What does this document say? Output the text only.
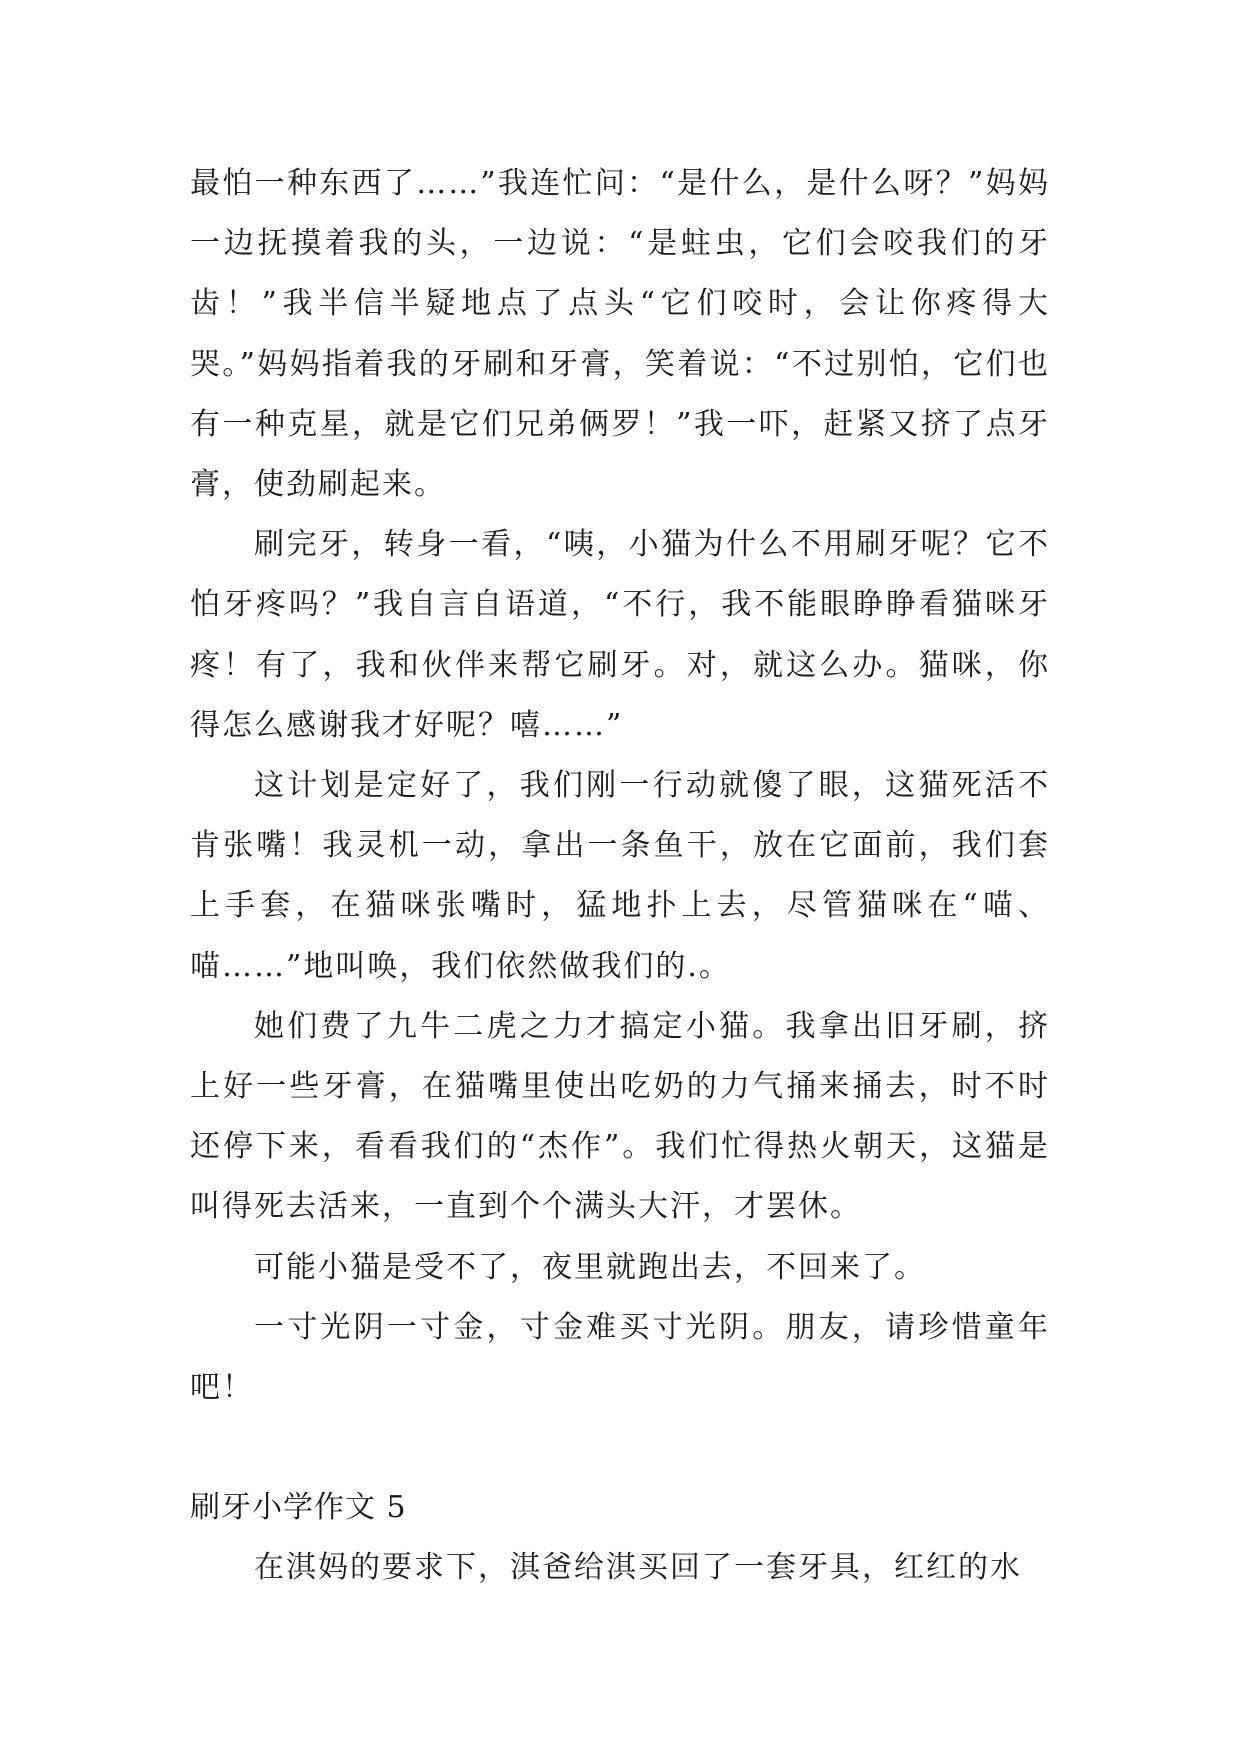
最怕一种东西了……”我连忙问：“是什么，是什么呀？”妈妈一边抚摸着我的头，一边说：“是蛀虫，它们会咬我们的牙齿！”我半信半疑地点了点头“它们咬时，会让你疼得大哭。”妈妈指着我的牙刷和牙膏，笑着说：“不过别怕，它们也有一种克星，就是它们兄弟俩罗！”我一吓，赶紧又挤了点牙膏，使劲刷起来。

刷完牙，转身一看，“咦，小猫为什么不用刷牙呢？它不怕牙疼吗？”我自言自语道，“不行，我不能眼睁睁看猫咪牙疼！有了，我和伙伴来帮它刷牙。对，就这么办。猫咪，你得怎么感谢我才好呢？嘻……”

这计划是定好了，我们刚一行动就傻了眼，这猫死活不肯张嘴！我灵机一动，拿出一条鱼干，放在它面前，我们套上手套，在猫咪张嘴时，猛地扑上去，尽管猫咪在“喵、喵……”地叫唤，我们依然做我们的.。

她们费了九牛二虎之力才搞定小猫。我拿出旧牙刷，挤上好一些牙膏，在猫嘴里使出吃奶的力气捅来捅去，时不时还停下来，看看我们的“杰作”。我们忙得热火朝天，这猫是叫得死去活来，一直到个个满头大汗，才罢休。

可能小猫是受不了，夜里就跑出去，不回来了。

一寸光阴一寸金，寸金难买寸光阴。朋友，请珍惜童年吧！

刷牙小学作文 5

在淇妈的要求下，淇爸给淇买回了一套牙具，红红的水
